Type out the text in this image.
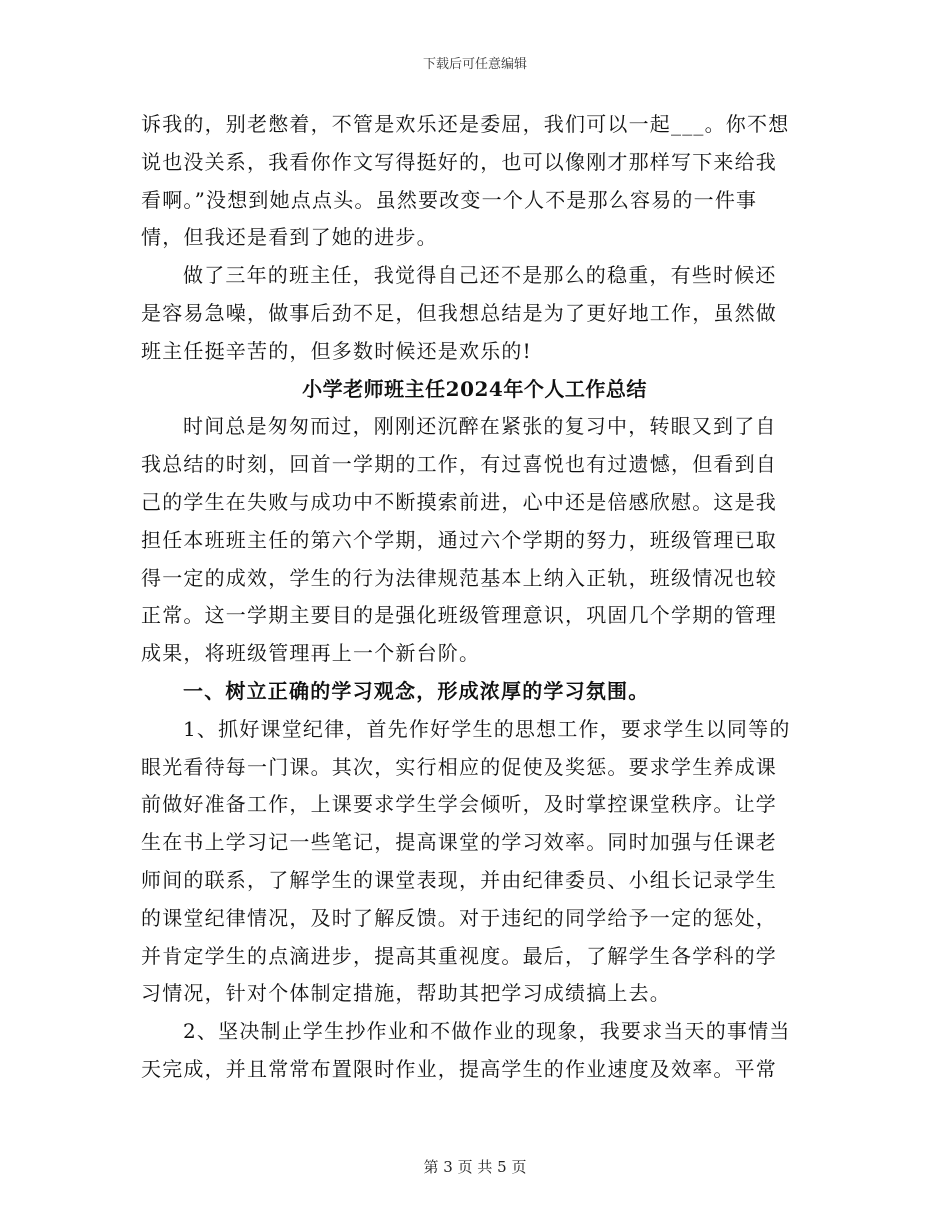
下载后可任意编辑
诉我的，别老憋着，不管是欢乐还是委屈，我们可以一起___。你不想
说也没关系，我看你作文写得挺好的，也可以像刚才那样写下来给我
看啊。”没想到她点点头。虽然要改变一个人不是那么容易的一件事
情，但我还是看到了她的进步。
做了三年的班主任，我觉得自己还不是那么的稳重，有些时候还
是容易急噪，做事后劲不足，但我想总结是为了更好地工作，虽然做
班主任挺辛苦的，但多数时候还是欢乐的!
小学老师班主任2024年个人工作总结
时间总是匆匆而过，刚刚还沉醉在紧张的复习中，转眼又到了自
我总结的时刻，回首一学期的工作，有过喜悦也有过遗憾，但看到自
己的学生在失败与成功中不断摸索前进，心中还是倍感欣慰。这是我
担任本班班主任的第六个学期，通过六个学期的努力，班级管理已取
得一定的成效，学生的行为法律规范基本上纳入正轨，班级情况也较
正常。这一学期主要目的是强化班级管理意识，巩固几个学期的管理
成果，将班级管理再上一个新台阶。
一、树立正确的学习观念，形成浓厚的学习氛围。
1、抓好课堂纪律，首先作好学生的思想工作，要求学生以同等的
眼光看待每一门课。其次，实行相应的促使及奖惩。要求学生养成课
前做好准备工作，上课要求学生学会倾听，及时掌控课堂秩序。让学
生在书上学习记一些笔记，提高课堂的学习效率。同时加强与任课老
师间的联系，了解学生的课堂表现，并由纪律委员、小组长记录学生
的课堂纪律情况，及时了解反馈。对于违纪的同学给予一定的惩处，
并肯定学生的点滴进步，提高其重视度。最后，了解学生各学科的学
习情况，针对个体制定措施，帮助其把学习成绩搞上去。
2、坚决制止学生抄作业和不做作业的现象，我要求当天的事情当
天完成，并且常常布置限时作业，提高学生的作业速度及效率。平常
第 3 页 共 5 页
